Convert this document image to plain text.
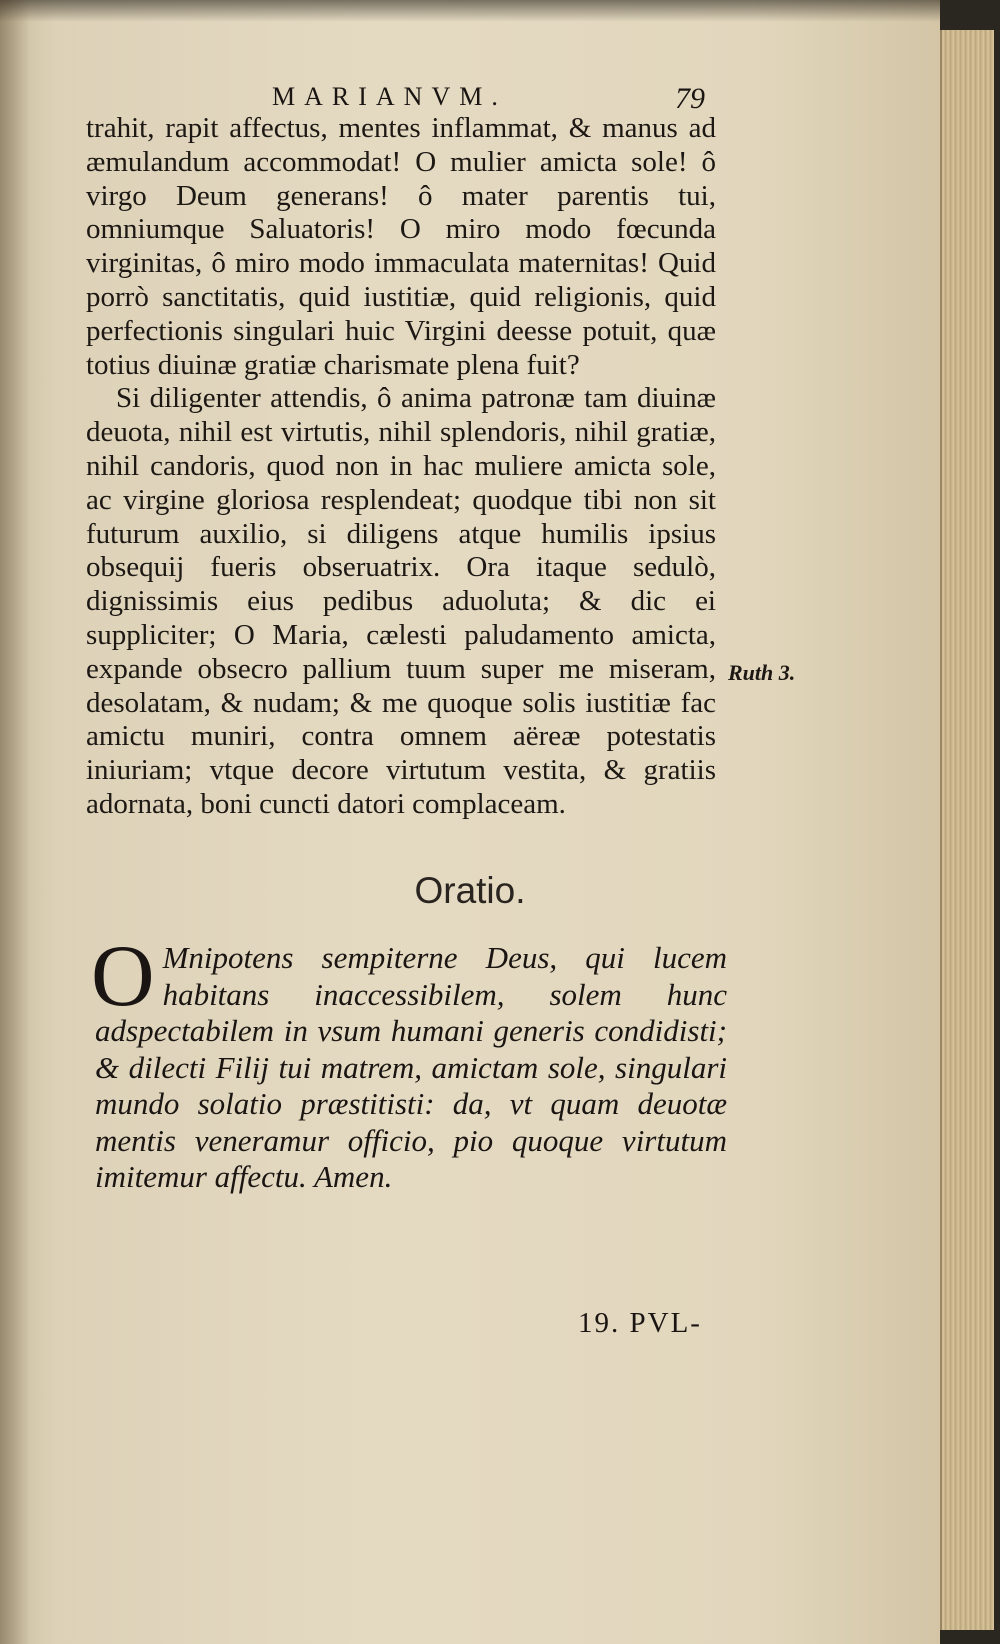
MARIANVM.	79

trahit, rapit affectus, mentes inflammat, & manus ad æmulandum accommodat! O mulier amicta sole! ô virgo Deum generans! ô mater parentis tui, omniumque Saluatoris! O miro modo fœcunda virginitas, ô miro modo immaculata maternitas! Quid porrò sanctitatis, quid iustitiæ, quid religionis, quid perfectionis singulari huic Virgini deesse potuit, quæ totius diuinæ gratiæ charismate plena fuit?

Si diligenter attendis, ô anima patronæ tam diuinæ deuota, nihil est virtutis, nihil splendoris, nihil gratiæ, nihil candoris, quod non in hac muliere amicta sole, ac virgine gloriosa resplendeat; quodque tibi non sit futurum auxilio, si diligens atque humilis ipsius obsequij fueris obseruatrix. Ora itaque sedulò, dignissimis eius pedibus aduoluta; & dic ei suppliciter; O Maria, cælesti paludamento amicta, expande obsecro pallium tuum super me miseram, desolatam, & nudam; & me quoque solis iustitiæ fac amictu muniri, contra omnem aëreæ potestatis iniuriam; vtque decore virtutum vestita, & gratiis adornata, boni cuncti datori complaceam.

Ruth 3.
Oratio.
O Mnipotens sempiterne Deus, qui lucem habitans inaccessibilem, solem hunc adspectabilem in vsum humani generis condidisti; & dilecti Filij tui matrem, amictam sole, singulari mundo solatio præstitisti: da, vt quam deuotæ mentis veneramur officio, pio quoque virtutum imitemur affectu. Amen.
19. PVL-
